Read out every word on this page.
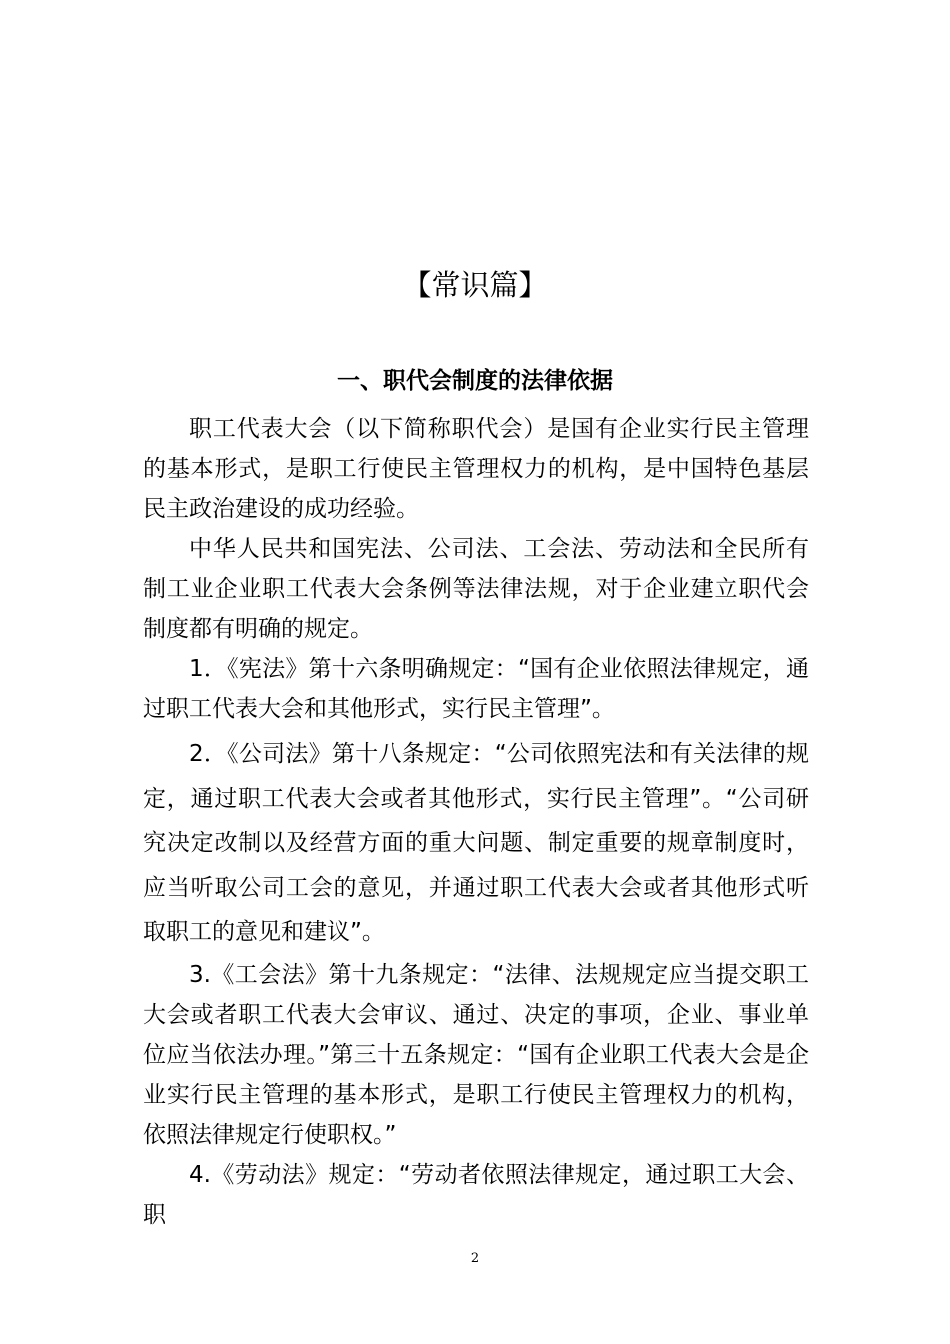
【常识篇】
一、职代会制度的法律依据

职工代表大会（以下简称职代会）是国有企业实行民主管理的基本形式，是职工行使民主管理权力的机构，是中国特色基层民主政治建设的成功经验。

中华人民共和国宪法、公司法、工会法、劳动法和全民所有制工业企业职工代表大会条例等法律法规，对于企业建立职代会制度都有明确的规定。

1．《宪法》第十六条明确规定：“国有企业依照法律规定，通过职工代表大会和其他形式，实行民主管理”。

2．《公司法》第十八条规定：“公司依照宪法和有关法律的规定，通过职工代表大会或者其他形式，实行民主管理”。“公司研究决定改制以及经营方面的重大问题、制定重要的规章制度时，应当听取公司工会的意见，并通过职工代表大会或者其他形式听取职工的意见和建议”。

3.《工会法》第十九条规定：“法律、法规规定应当提交职工大会或者职工代表大会审议、通过、决定的事项，企业、事业单位应当依法办理。”第三十五条规定：“国有企业职工代表大会是企业实行民主管理的基本形式，是职工行使民主管理权力的机构，依照法律规定行使职权。”

4.《劳动法》规定：“劳动者依照法律规定，通过职工大会、职

2
